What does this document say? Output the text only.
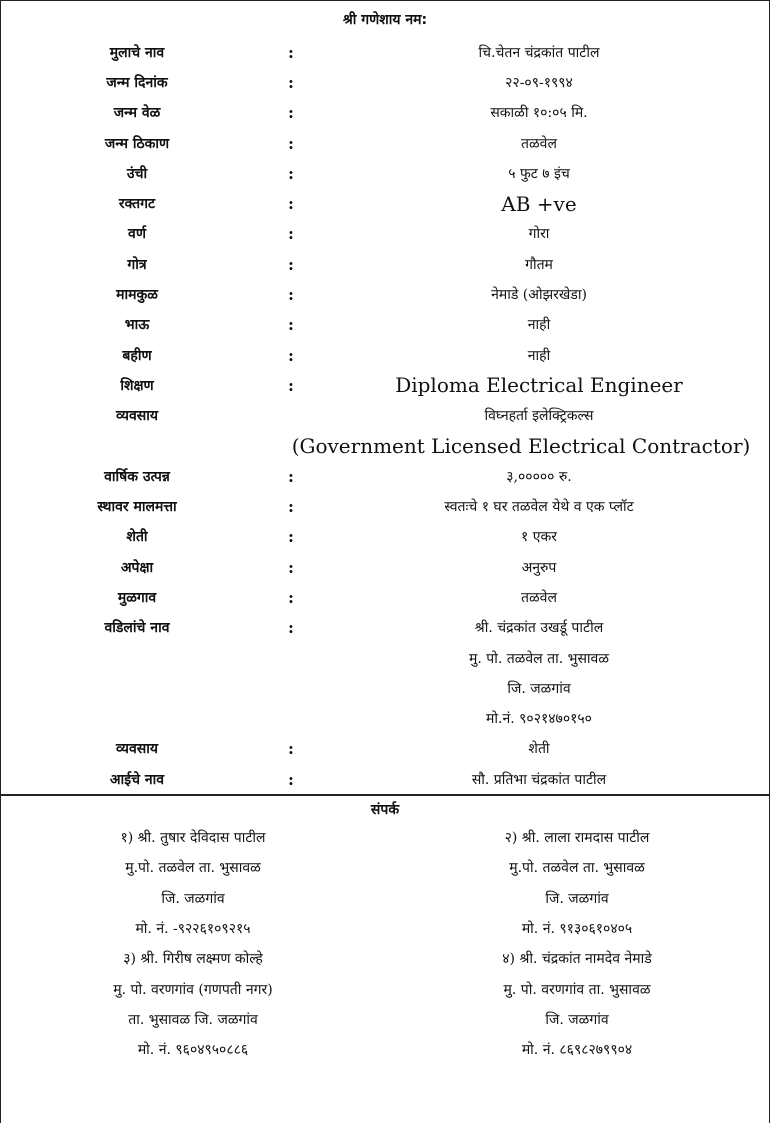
श्री गणेशाय नम:
मुलाचे नाव	:	चि.चेतन चंद्रकांत पाटील
जन्म दिनांक	:	२२-०९-१९९४
जन्म वेळ	:	सकाळी १०:०५ मि.
जन्म ठिकाण	:	तळवेल
उंची	:	५ फुट ७ इंच
रक्तगट	:	AB +ve
वर्ण	:	गोरा
गोत्र	:	गौतम
मामकुळ	:	नेमाडे (ओझरखेडा)
भाऊ	:	नाही
बहीण	:	नाही
शिक्षण	:	Diploma Electrical Engineer
व्यवसाय	विघ्नहर्ता इलेक्ट्रिकल्स
(Government Licensed Electrical Contractor)
वार्षिक उत्पन्न	:	३,००००० रु.
स्थावर मालमत्ता	:	स्वतःचे १ घर तळवेल येथे व एक प्लॉट
शेती	:	१ एकर
अपेक्षा	:	अनुरुप
मुळगाव	:	तळवेल
वडिलांचे नाव	:	श्री. चंद्रकांत उखर्डू पाटील
मु. पो. तळवेल ता. भुसावळ
जि. जळगांव
मो.नं. ९०२१४७०१५०
व्यवसाय	:	शेती
आईचे नाव	:	सौ. प्रतिभा चंद्रकांत पाटील
संपर्क
१) श्री. तुषार देविदास पाटील
मु.पो. तळवेल ता. भुसावळ
जि. जळगांव
मो. नं. -९२२६१०९२१५
३) श्री. गिरीष लक्ष्मण कोल्हे
मु. पो. वरणगांव (गणपती नगर)
ता. भुसावळ जि. जळगांव
मो. नं. ९६०४९५०८८६
२) श्री. लाला रामदास पाटील
मु.पो. तळवेल ता. भुसावळ
जि. जळगांव
मो. नं. ९१३०६१०४०५
४) श्री. चंद्रकांत नामदेव नेमाडे
मु. पो. वरणगांव ता. भुसावळ
जि. जळगांव
मो. नं. ८६९८२७९९०४
